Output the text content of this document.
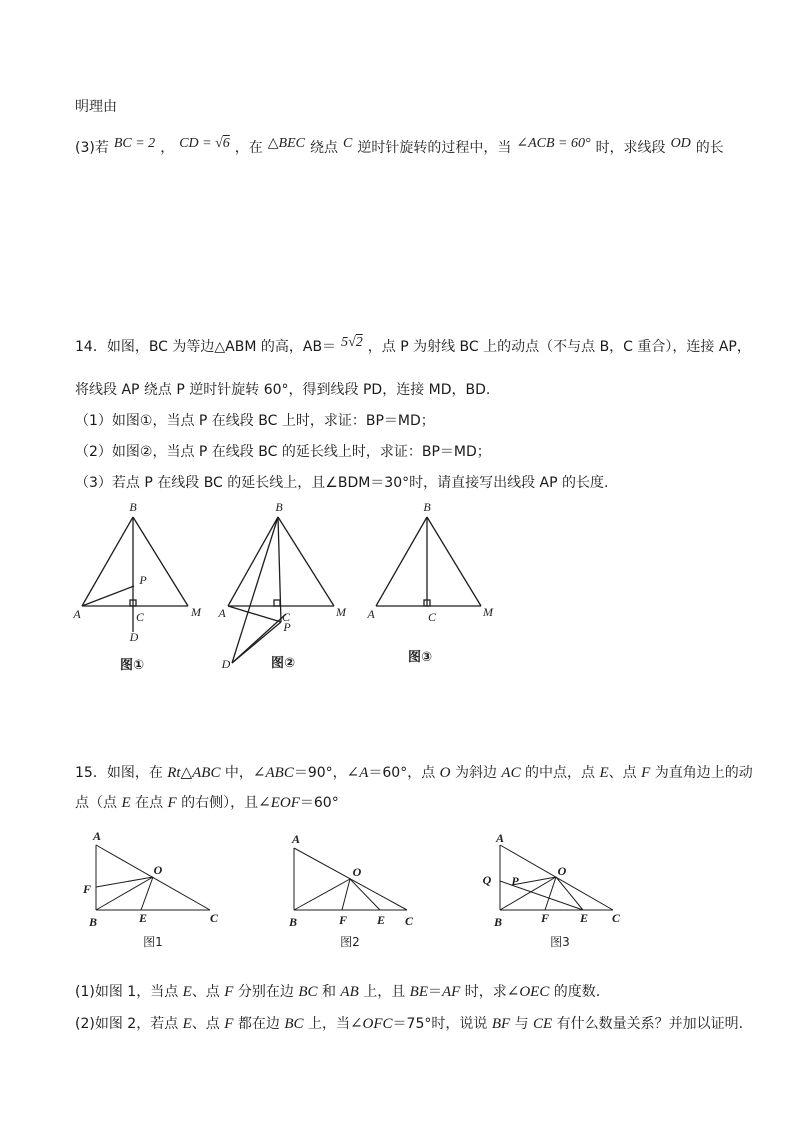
明理由
(3)若 BC = 2 ， CD = √6 ，在 △BEC 绕点 C 逆时针旋转的过程中，当 ∠ACB = 60° 时，求线段 OD 的长
14．如图，BC 为等边△ABM 的高，AB＝ 5√2 ，点 P 为射线 BC 上的动点（不与点 B，C 重合），连接 AP，
将线段 AP 绕点 P 逆时针旋转 60°，得到线段 PD，连接 MD，BD.
（1）如图①，当点 P 在线段 BC 上时，求证：BP＝MD；
（2）如图②，当点 P 在线段 BC 的延长线上时，求证：BP＝MD；
（3）若点 P 在线段 BC 的延长线上，且∠BDM＝30°时，请直接写出线段 AP 的长度.
15．如图，在 Rt△ABC 中，∠ABC＝90°，∠A＝60°，点 O 为斜边 AC 的中点，点 E、点 F 为直角边上的动
点（点 E 在点 F 的右侧），且∠EOF＝60°
(1)如图 1，当点 E、点 F 分别在边 BC 和 AB 上，且 BE＝AF 时，求∠OEC 的度数.
(2)如图 2，若点 E、点 F 都在边 BC 上，当∠OFC＝75°时，说说 BF 与 CE 有什么数量关系？并加以证明.
B
P
A	C	M
D
图①
B
A	C
P
M
D	图②
B
A	C	M
图③
A
F
O
B	E	C
图1
A
O
B	F E C
图2
A
Q P
O
B	F	E C
图3
